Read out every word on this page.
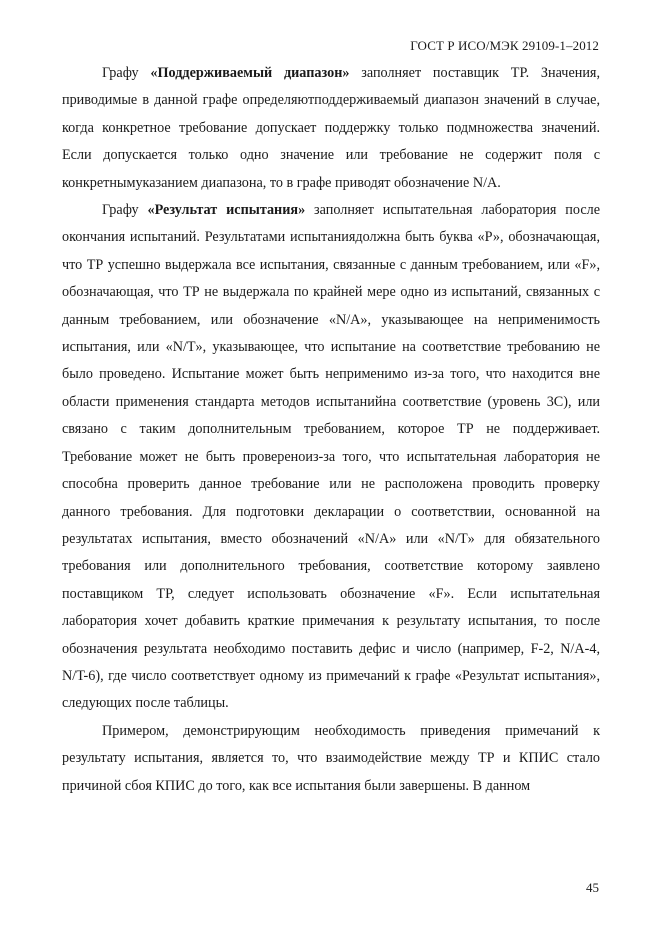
ГОСТ Р ИСО/МЭК 29109-1–2012

Графу «Поддерживаемый диапазон» заполняет поставщик ТР. Значения, приводимые в данной графе определяютподдерживаемый диапазон значений в случае, когда конкретное требование допускает поддержку только подмножества значений. Если допускается только одно значение или требование не содержит поля с конкретнымуказанием диапазона, то в графе приводят обозначение N/A.

Графу «Результат испытания» заполняет испытательная лаборатория после окончания испытаний. Результатами испытаниядолжна быть буква «Р», обозначающая, что ТР успешно выдержала все испытания, связанные с данным требованием, или «F», обозначающая, что ТР не выдержала по крайней мере одно из испытаний, связанных с данным требованием, или обозначение «N/A», указывающее на неприменимость испытания, или «N/T», указывающее, что испытание на соответствие требованию не было проведено. Испытание может быть неприменимо из-за того, что находится вне области применения стандарта методов испытанийна соответствие (уровень 3С), или связано с таким дополнительным требованием, которое ТР не поддерживает. Требование может не быть провереноиз-за того, что испытательная лаборатория не способна проверить данное требование или не расположена проводить проверку данного требования. Для подготовки декларации о соответствии, основанной на результатах испытания, вместо обозначений «N/A» или «N/T» для обязательного требования или дополнительного требования, соответствие которому заявлено поставщиком ТР, следует использовать обозначение «F». Если испытательная лаборатория хочет добавить краткие примечания к результату испытания, то после обозначения результата необходимо поставить дефис и число (например, F-2, N/A-4, N/T-6), где число соответствует одному из примечаний к графе «Результат испытания», следующих после таблицы.

Примером, демонстрирующим необходимость приведения примечаний к результату испытания, является то, что взаимодействие между ТР и КПИС стало причиной сбоя КПИС до того, как все испытания были завершены. В данном

45
